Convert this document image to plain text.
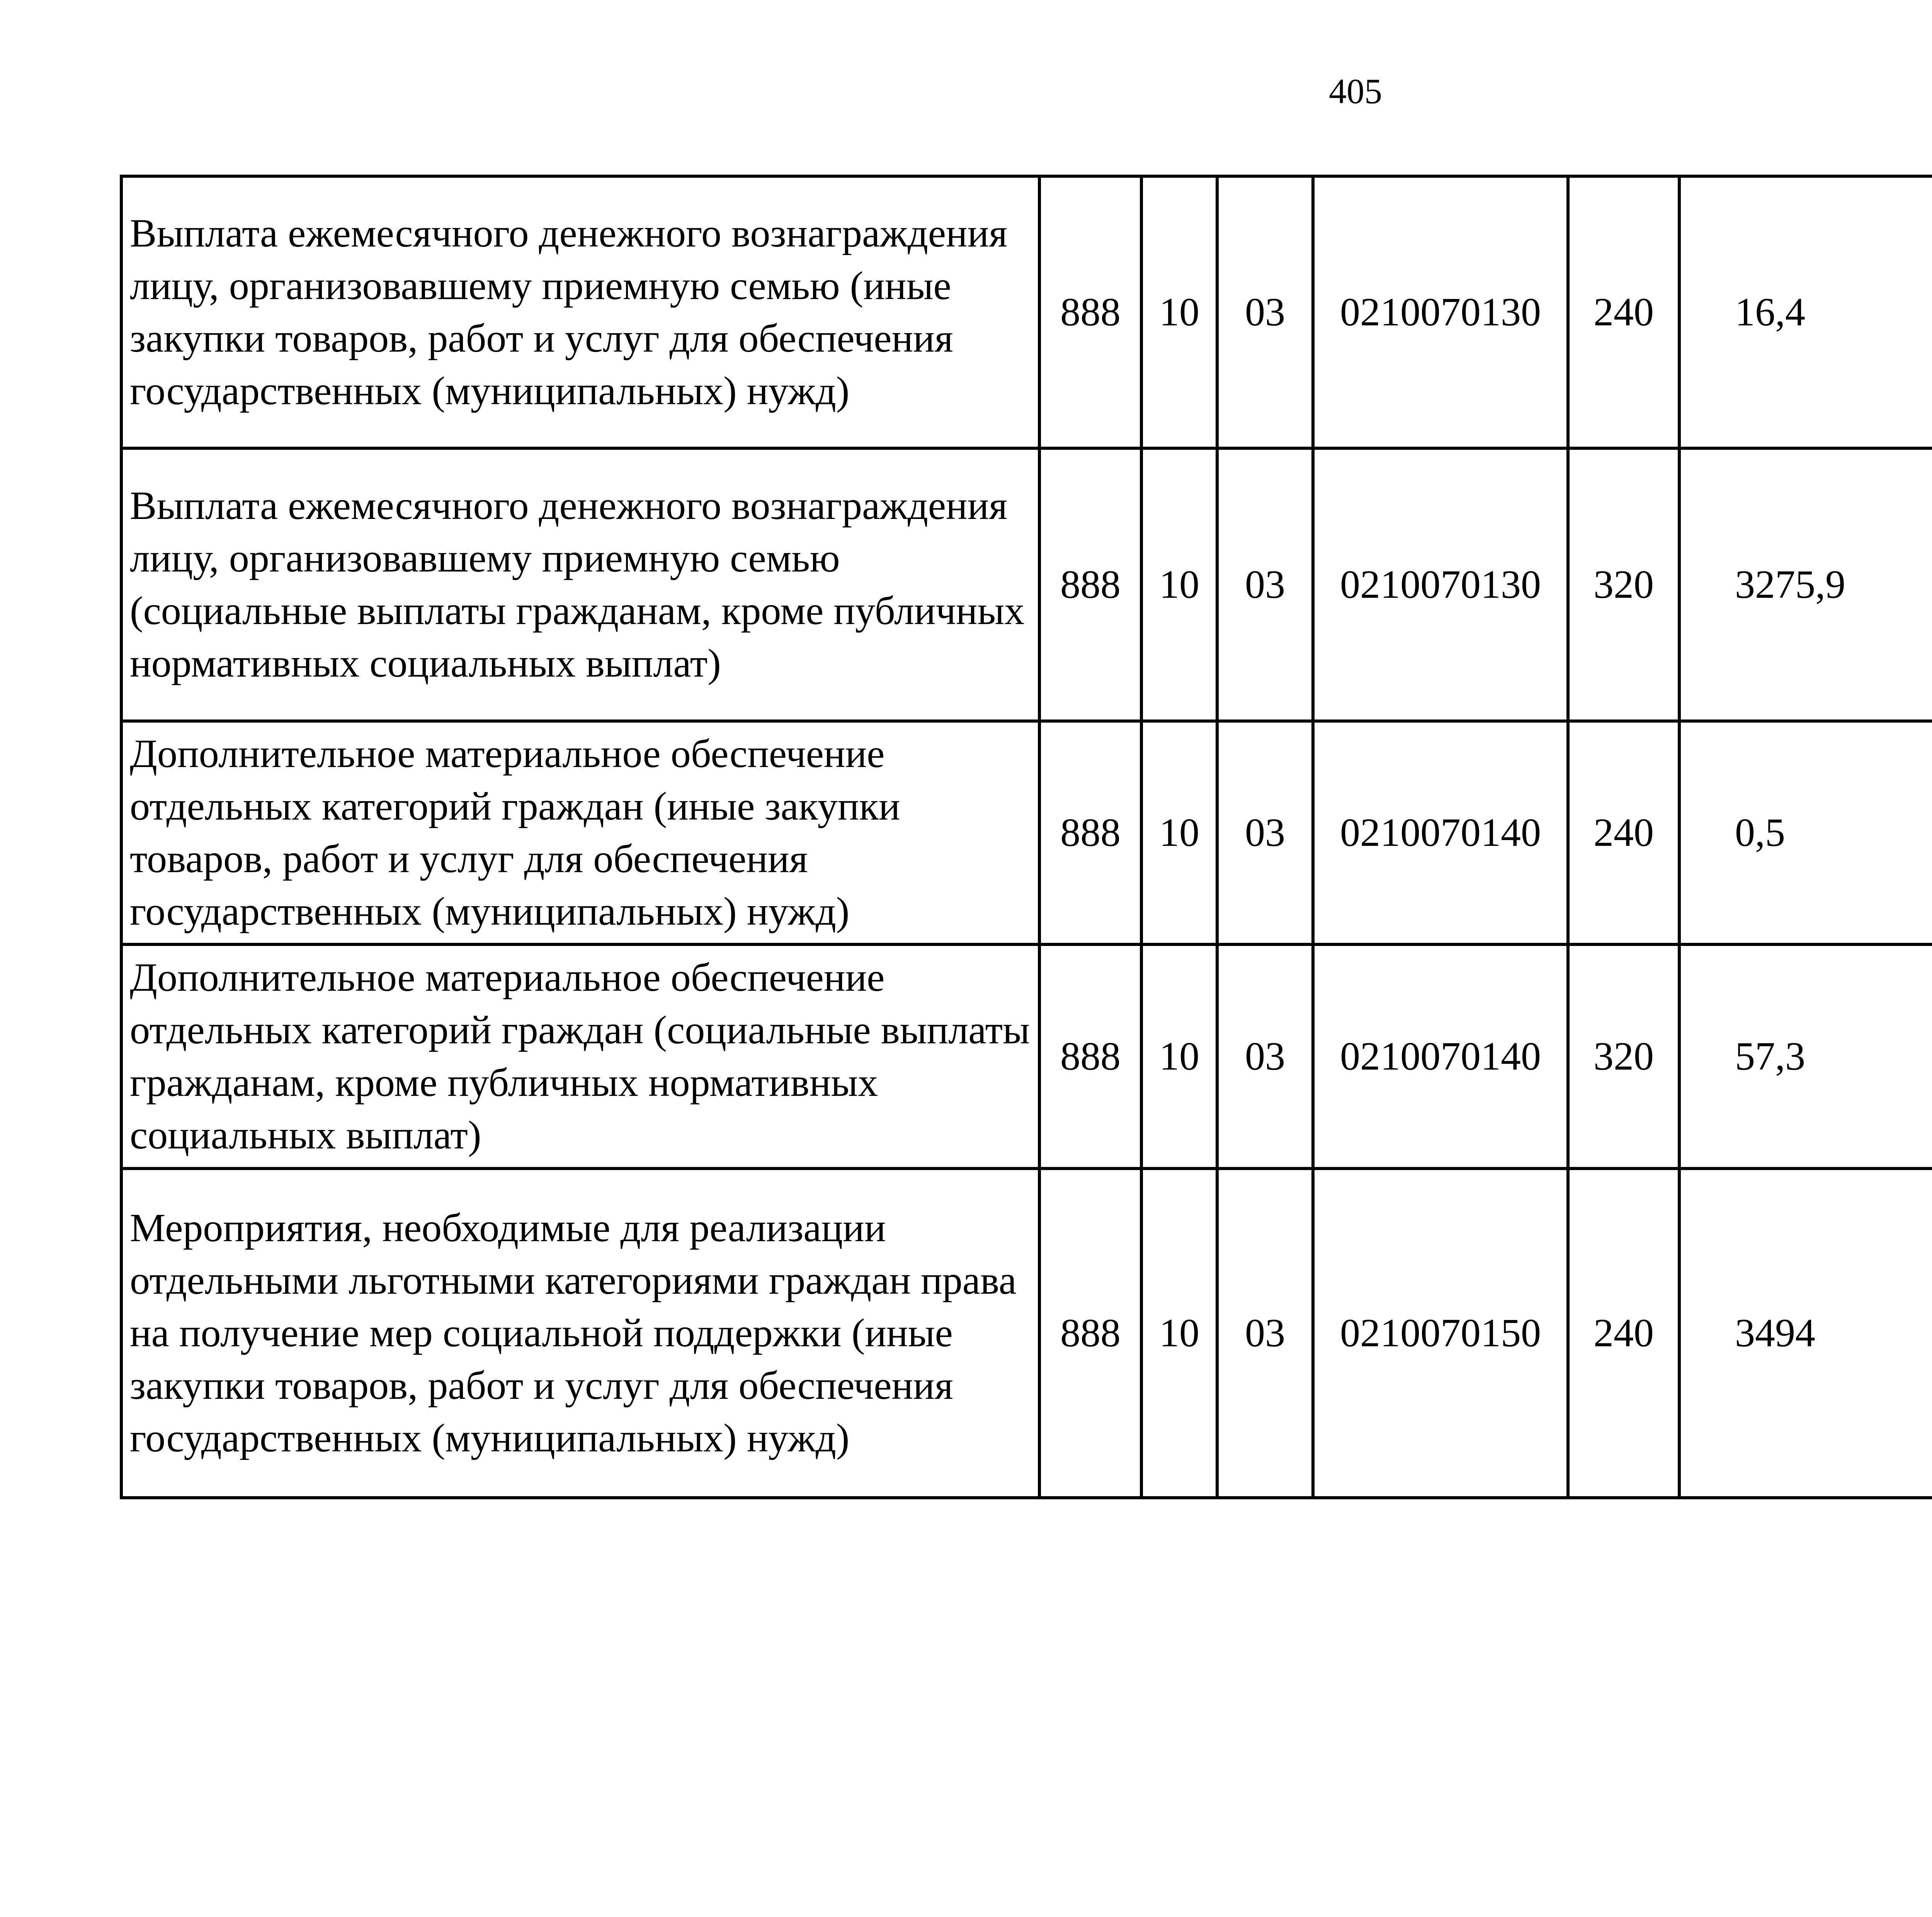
405
Выплата ежемесячного денежного вознаграждения лицу, организовавшему приемную семью (иные закупки товаров, работ и услуг для обеспечения государственных (муниципальных) нужд)	888	10	03	0210070130	240	16,4		
Выплата ежемесячного денежного вознаграждения лицу, организовавшему приемную семью (социальные выплаты гражданам, кроме публичных нормативных социальных выплат)	888	10	03	0210070130	320	3275,9		
Дополнительное материальное обеспечение отдельных категорий граждан (иные закупки товаров, работ и услуг для обеспечения государственных (муниципальных) нужд)	888	10	03	0210070140	240	0,5		
Дополнительное материальное обеспечение отдельных категорий граждан (социальные выплаты гражданам, кроме публичных нормативных социальных выплат)	888	10	03	0210070140	320	57,3		
Мероприятия, необходимые для реализации отдельными льготными категориями граждан права на получение мер социальной поддержки (иные закупки товаров, работ и услуг для обеспечения государственных (муниципальных) нужд)	888	10	03	0210070150	240	3494		
